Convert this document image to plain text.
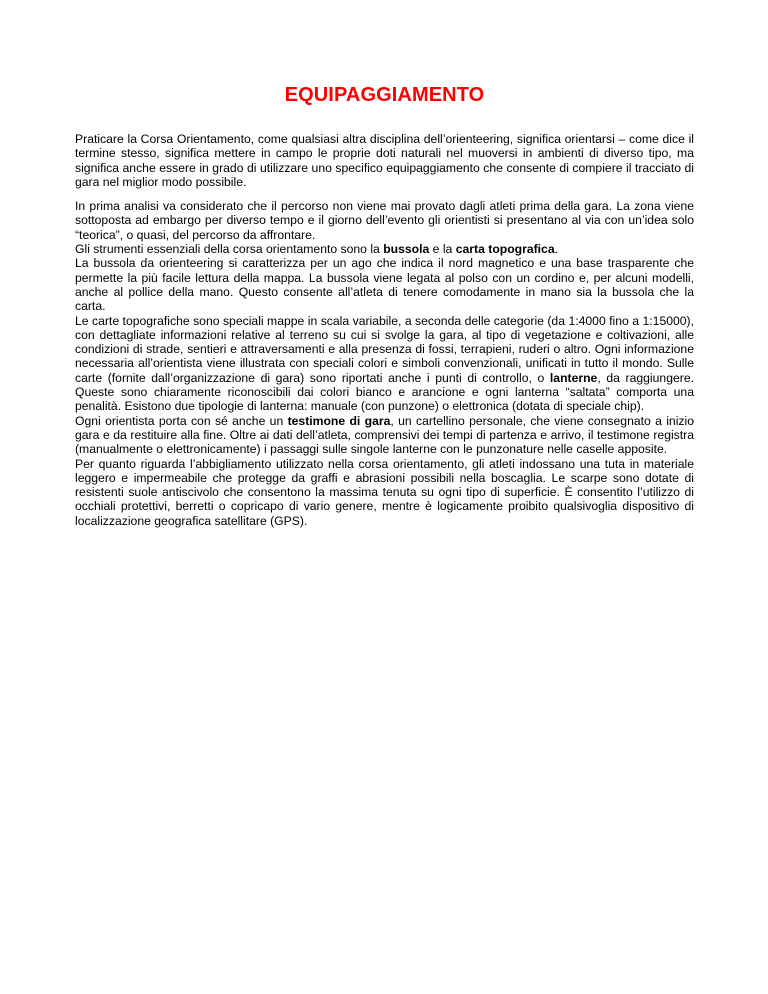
EQUIPAGGIAMENTO

Praticare la Corsa Orientamento, come qualsiasi altra disciplina dell’orienteering, significa orientarsi – come dice il termine stesso, significa mettere in campo le proprie doti naturali nel muoversi in ambienti di diverso tipo, ma significa anche essere in grado di utilizzare uno specifico equipaggiamento che consente di compiere il tracciato di gara nel miglior modo possibile.

In prima analisi va considerato che il percorso non viene mai provato dagli atleti prima della gara. La zona viene sottoposta ad embargo per diverso tempo e il giorno dell’evento gli orientisti si presentano al via con un’idea solo “teorica”, o quasi, del percorso da affrontare.

Gli strumenti essenziali della corsa orientamento sono la bussola e la carta topografica.

La bussola da orienteering si caratterizza per un ago che indica il nord magnetico e una base trasparente che permette la più facile lettura della mappa. La bussola viene legata al polso con un cordino e, per alcuni modelli, anche al pollice della mano. Questo consente all’atleta di tenere comodamente in mano sia la bussola che la carta.

Le carte topografiche sono speciali mappe in scala variabile, a seconda delle categorie (da 1:4000 fino a 1:15000), con dettagliate informazioni relative al terreno su cui si svolge la gara, al tipo di vegetazione e coltivazioni, alle condizioni di strade, sentieri e attraversamenti e alla presenza di fossi, terrapieni, ruderi o altro. Ogni informazione necessaria all’orientista viene illustrata con speciali colori e simboli convenzionali, unificati in tutto il mondo. Sulle carte (fornite dall’organizzazione di gara) sono riportati anche i punti di controllo, o lanterne, da raggiungere. Queste sono chiaramente riconoscibili dai colori bianco e arancione e ogni lanterna “saltata” comporta una penalità. Esistono due tipologie di lanterna: manuale (con punzone) o elettronica (dotata di speciale chip).

Ogni orientista porta con sé anche un testimone di gara, un cartellino personale, che viene consegnato a inizio gara e da restituire alla fine. Oltre ai dati dell’atleta, comprensivi dei tempi di partenza e arrivo, il testimone registra (manualmente o elettronicamente) i passaggi sulle singole lanterne con le punzonature nelle caselle apposite.

Per quanto riguarda l’abbigliamento utilizzato nella corsa orientamento, gli atleti indossano una tuta in materiale leggero e impermeabile che protegge da graffi e abrasioni possibili nella boscaglia. Le scarpe sono dotate di resistenti suole antiscivolo che consentono la massima tenuta su ogni tipo di superficie. È consentito l’utilizzo di occhiali protettivi, berretti o copricapo di vario genere, mentre è logicamente proibito qualsivoglia dispositivo di localizzazione geografica satellitare (GPS).
